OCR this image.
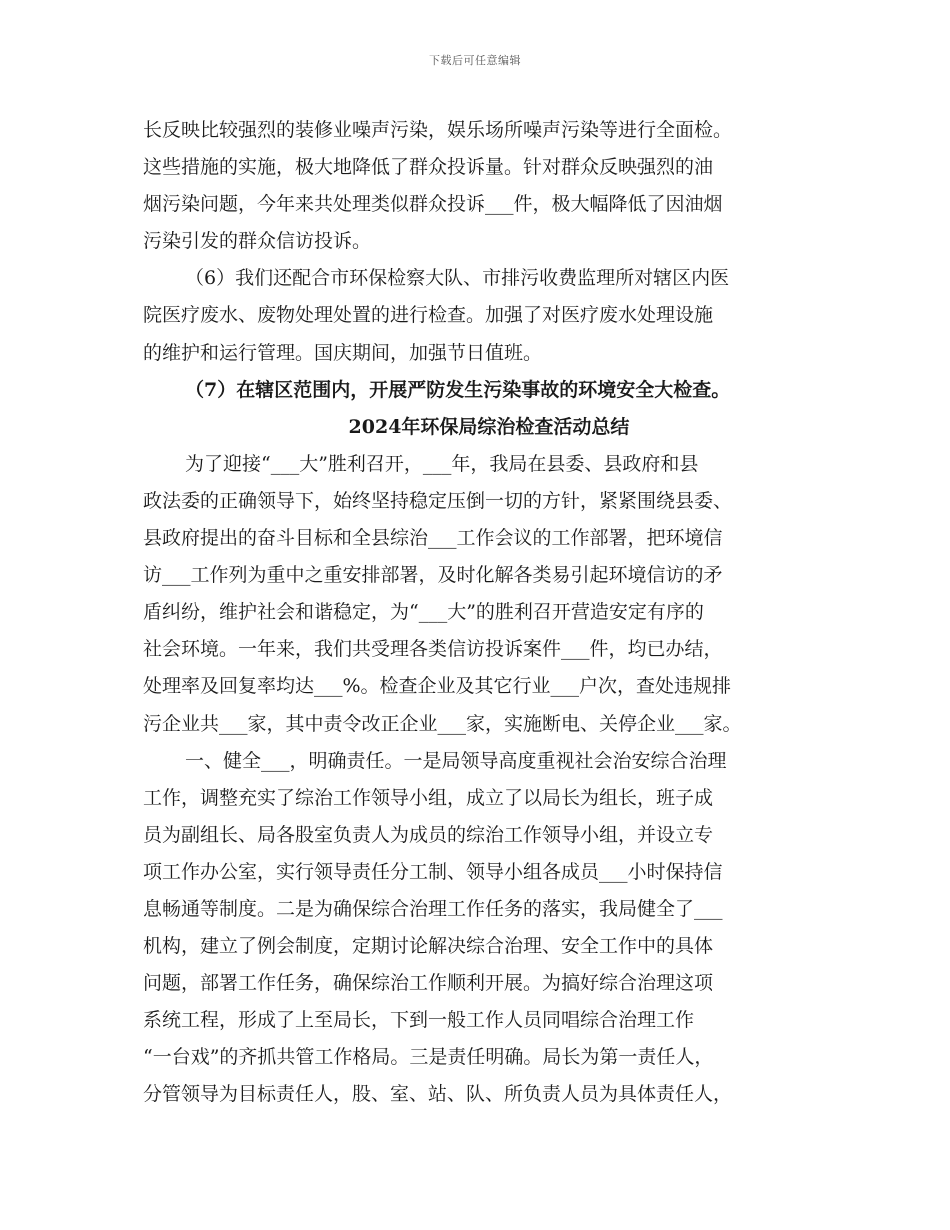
下载后可任意编辑
长反映比较强烈的装修业噪声污染，娱乐场所噪声污染等进行全面检。
这些措施的实施，极大地降低了群众投诉量。针对群众反映强烈的油
烟污染问题，今年来共处理类似群众投诉___件，极大幅降低了因油烟
污染引发的群众信访投诉。
（6）我们还配合市环保检察大队、市排污收费监理所对辖区内医
院医疗废水、废物处理处置的进行检查。加强了对医疗废水处理设施
的维护和运行管理。国庆期间，加强节日值班。
（7）在辖区范围内，开展严防发生污染事故的环境安全大检查。
2024年环保局综治检查活动总结
为了迎接“___大”胜利召开，___年，我局在县委、县政府和县
政法委的正确领导下，始终坚持稳定压倒一切的方针，紧紧围绕县委、
县政府提出的奋斗目标和全县综治___工作会议的工作部署，把环境信
访___工作列为重中之重安排部署，及时化解各类易引起环境信访的矛
盾纠纷，维护社会和谐稳定，为“___大”的胜利召开营造安定有序的
社会环境。一年来，我们共受理各类信访投诉案件___件，均已办结，
处理率及回复率均达___%。检查企业及其它行业___户次，查处违规排
污企业共___家，其中责令改正企业___家，实施断电、关停企业___家。
一、健全___，明确责任。一是局领导高度重视社会治安综合治理
工作，调整充实了综治工作领导小组，成立了以局长为组长，班子成
员为副组长、局各股室负责人为成员的综治工作领导小组，并设立专
项工作办公室，实行领导责任分工制、领导小组各成员___小时保持信
息畅通等制度。二是为确保综合治理工作任务的落实，我局健全了___
机构，建立了例会制度，定期讨论解决综合治理、安全工作中的具体
问题，部署工作任务，确保综治工作顺利开展。为搞好综合治理这项
系统工程，形成了上至局长，下到一般工作人员同唱综合治理工作
“一台戏”的齐抓共管工作格局。三是责任明确。局长为第一责任人，
分管领导为目标责任人，股、室、站、队、所负责人员为具体责任人，
